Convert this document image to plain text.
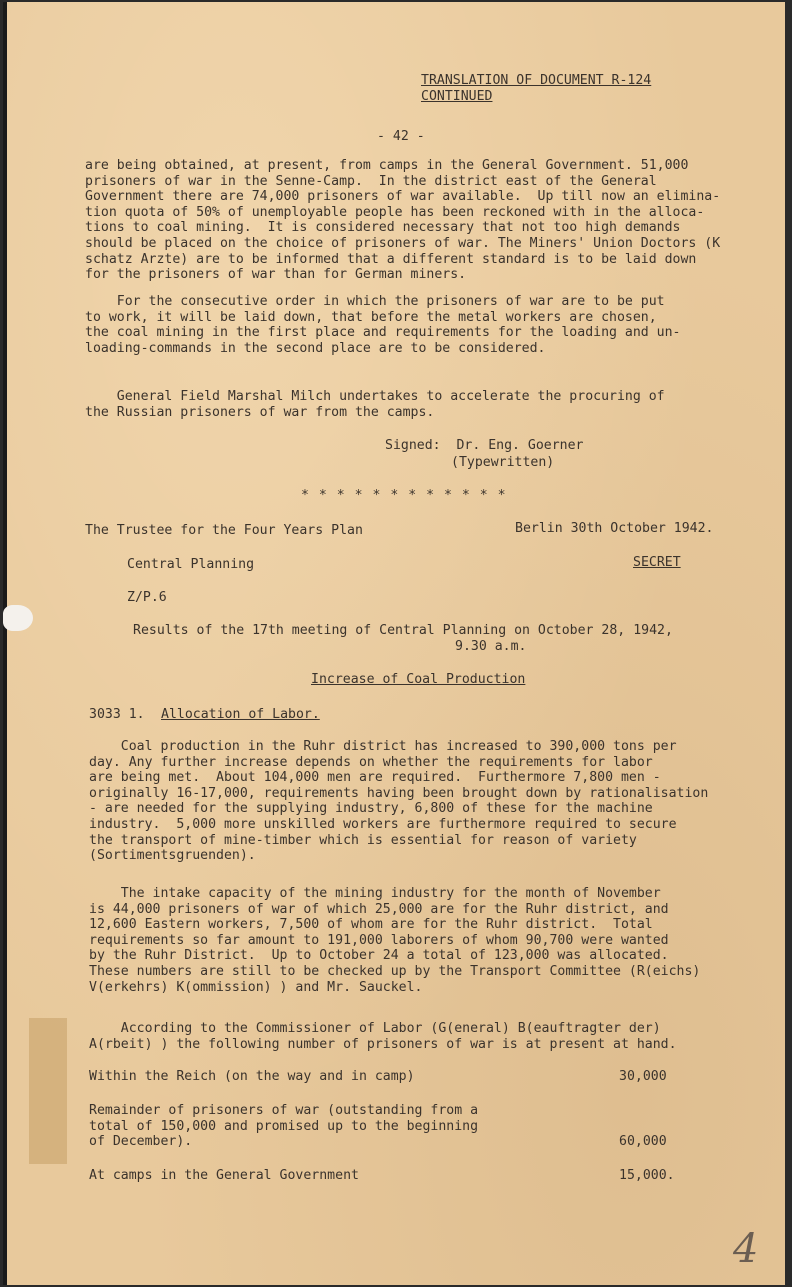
TRANSLATION OF DOCUMENT R-124
CONTINUED
- 42 -
are being obtained, at present, from camps in the General Government. 51,000
prisoners of war in the Senne-Camp.  In the district east of the General
Government there are 74,000 prisoners of war available.  Up till now an elimina-
tion quota of 50% of unemployable people has been reckoned with in the alloca-
tions to coal mining.  It is considered necessary that not too high demands
should be placed on the choice of prisoners of war. The Miners' Union Doctors (K
schatz Arzte) are to be informed that a different standard is to be laid down
for the prisoners of war than for German miners.
For the consecutive order in which the prisoners of war are to be put
to work, it will be laid down, that before the metal workers are chosen,
the coal mining in the first place and requirements for the loading and un-
loading-commands in the second place are to be considered.
General Field Marshal Milch undertakes to accelerate the procuring of
the Russian prisoners of war from the camps.
Signed:  Dr. Eng. Goerner
(Typewritten)
* * * * * * * * * * * *
The Trustee for the Four Years Plan	Berlin 30th October 1942.
Central Planning	SECRET
Z/P.6
Results of the 17th meeting of Central Planning on October 28, 1942,
9.30 a.m.
Increase of Coal Production
3033 1. Allocation of Labor.
Coal production in the Ruhr district has increased to 390,000 tons per
day. Any further increase depends on whether the requirements for labor
are being met.  About 104,000 men are required.  Furthermore 7,800 men -
originally 16-17,000, requirements having been brought down by rationalisation
- are needed for the supplying industry, 6,800 of these for the machine
industry.  5,000 more unskilled workers are furthermore required to secure
the transport of mine-timber which is essential for reason of variety
(Sortimentsgruenden).
The intake capacity of the mining industry for the month of November
is 44,000 prisoners of war of which 25,000 are for the Ruhr district, and
12,600 Eastern workers, 7,500 of whom are for the Ruhr district.  Total
requirements so far amount to 191,000 laborers of whom 90,700 were wanted
by the Ruhr District.  Up to October 24 a total of 123,000 was allocated.
These numbers are still to be checked up by the Transport Committee (R(eichs)
V(erkehrs) K(ommission) ) and Mr. Sauckel.
According to the Commissioner of Labor (G(eneral) B(eauftragter der)
A(rbeit) ) the following number of prisoners of war is at present at hand.
Within the Reich (on the way and in camp)	30,000
Remainder of prisoners of war (outstanding from a
total of 150,000 and promised up to the beginning
of December).	60,000
At camps in the General Government	15,000.
4
